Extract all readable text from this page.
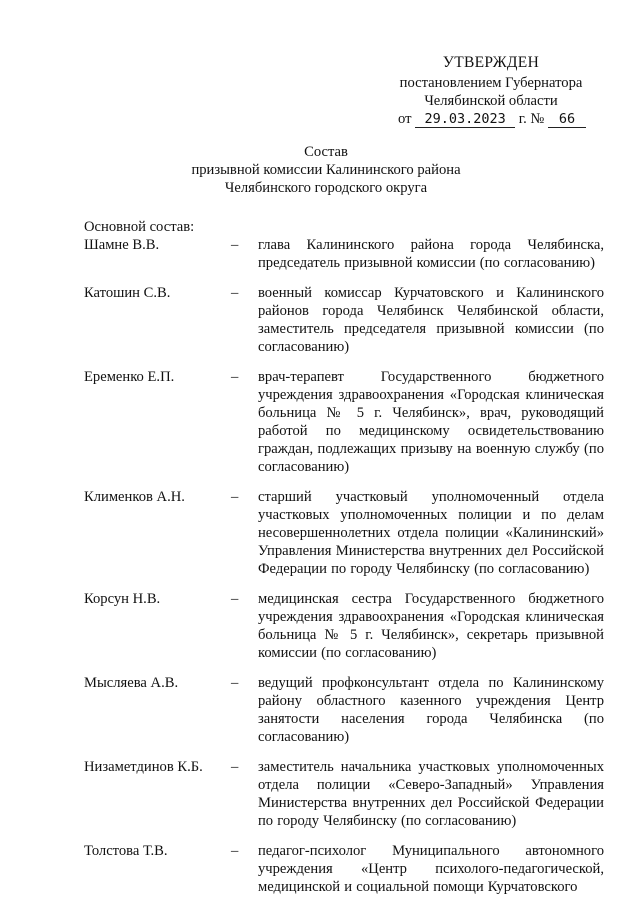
УТВЕРЖДЕН
постановлением Губернатора
Челябинской области
от 29.03.2023 г. № 66
Состав
призывной комиссии Калининского района
Челябинского городского округа
Основной состав:
Шамне В.В.	–	глава Калининского района города Челябинска, председатель призывной комиссии (по согласованию)
Катошин С.В.	–	военный комиссар Курчатовского и Калининского районов города Челябинск Челябинской области, заместитель председателя призывной комиссии (по согласованию)
Еременко Е.П.	–	врач-терапевт Государственного бюджетного учреждения здравоохранения «Городская клиническая больница № 5 г. Челябинск», врач, руководящий работой по медицинскому освидетельствованию граждан, подлежащих призыву на военную службу (по согласованию)
Клименков А.Н.	–	старший участковый уполномоченный отдела участковых уполномоченных полиции и по делам несовершеннолетних отдела полиции «Калининский» Управления Министерства внутренних дел Российской Федерации по городу Челябинску (по согласованию)
Корсун Н.В.	–	медицинская сестра Государственного бюджетного учреждения здравоохранения «Городская клиническая больница № 5 г. Челябинск», секретарь призывной комиссии (по согласованию)
Мысляева А.В.	–	ведущий профконсультант отдела по Калининскому району областного казенного учреждения Центр занятости населения города Челябинска (по согласованию)
Низаметдинов К.Б.	–	заместитель начальника участковых уполномоченных отдела полиции «Северо-Западный» Управления Министерства внутренних дел Российской Федерации по городу Челябинску (по согласованию)
Толстова Т.В.	–	педагог-психолог Муниципального автономного учреждения «Центр психолого-педагогической, медицинской и социальной помощи Курчатовского
